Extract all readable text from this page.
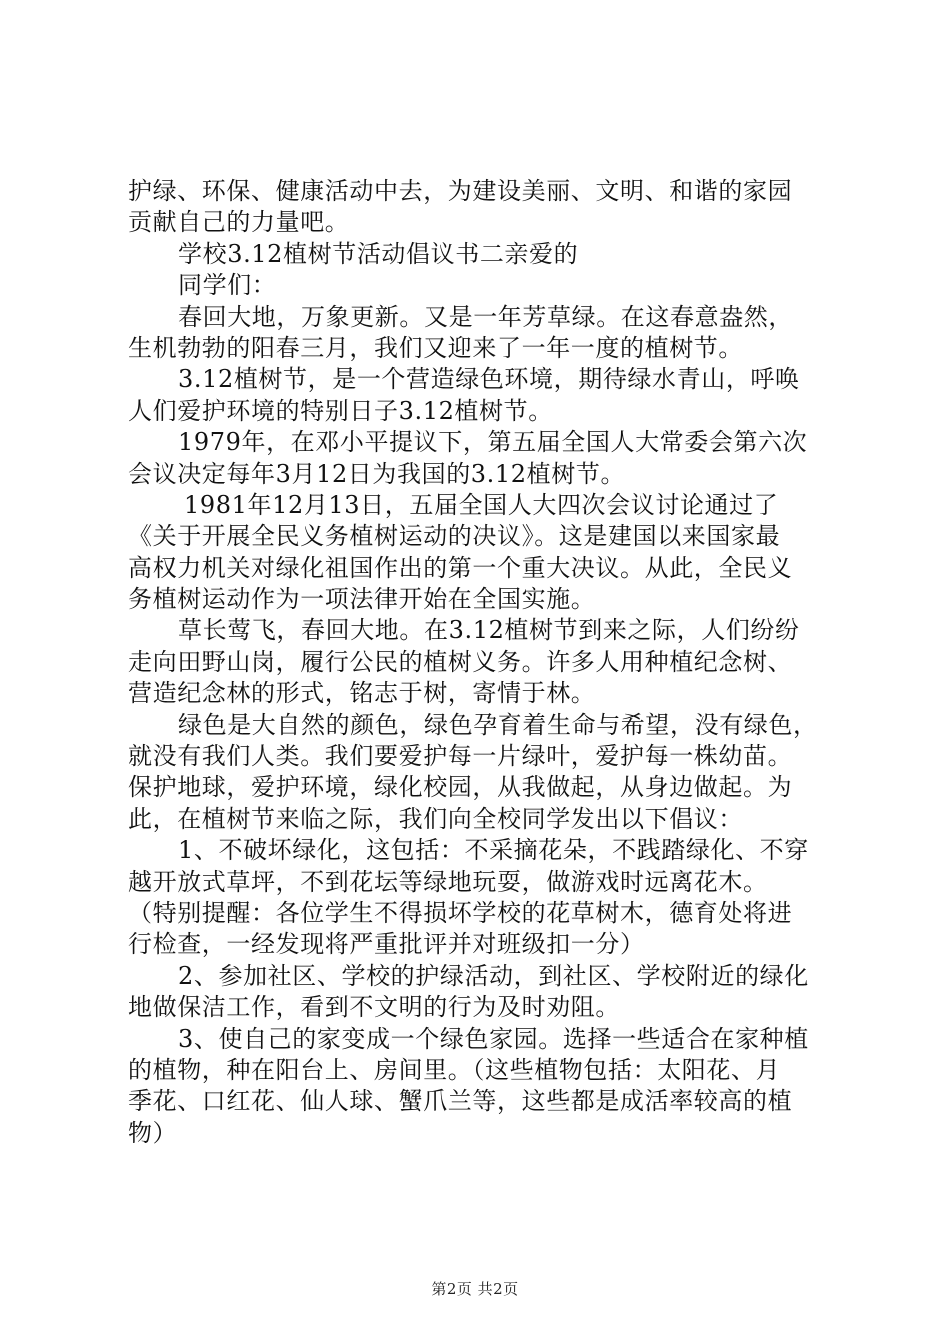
护绿、环保、健康活动中去，为建设美丽、文明、和谐的家园
贡献自己的力量吧。
学校3.12植树节活动倡议书二亲爱的
同学们：
春回大地，万象更新。又是一年芳草绿。在这春意盎然，
生机勃勃的阳春三月，我们又迎来了一年一度的植树节。
3.12植树节，是一个营造绿色环境，期待绿水青山，呼唤
人们爱护环境的特别日子3.12植树节。
1979年，在邓小平提议下，第五届全国人大常委会第六次
会议决定每年3月12日为我国的3.12植树节。
1981年12月13日，五届全国人大四次会议讨论通过了
《关于开展全民义务植树运动的决议》。这是建国以来国家最
高权力机关对绿化祖国作出的第一个重大决议。从此，全民义
务植树运动作为一项法律开始在全国实施。
草长莺飞，春回大地。在3.12植树节到来之际，人们纷纷
走向田野山岗，履行公民的植树义务。许多人用种植纪念树、
营造纪念林的形式，铭志于树，寄情于林。
绿色是大自然的颜色，绿色孕育着生命与希望，没有绿色，
就没有我们人类。我们要爱护每一片绿叶，爱护每一株幼苗。
保护地球，爱护环境，绿化校园，从我做起，从身边做起。为
此，在植树节来临之际，我们向全校同学发出以下倡议：
1、不破坏绿化，这包括：不采摘花朵，不践踏绿化、不穿
越开放式草坪，不到花坛等绿地玩耍，做游戏时远离花木。
（特别提醒：各位学生不得损坏学校的花草树木，德育处将进
行检查，一经发现将严重批评并对班级扣一分）
2、参加社区、学校的护绿活动，到社区、学校附近的绿化
地做保洁工作，看到不文明的行为及时劝阻。
3、使自己的家变成一个绿色家园。选择一些适合在家种植
的植物，种在阳台上、房间里。（这些植物包括：太阳花、月
季花、口红花、仙人球、蟹爪兰等，这些都是成活率较高的植
物）
第2页 共2页
